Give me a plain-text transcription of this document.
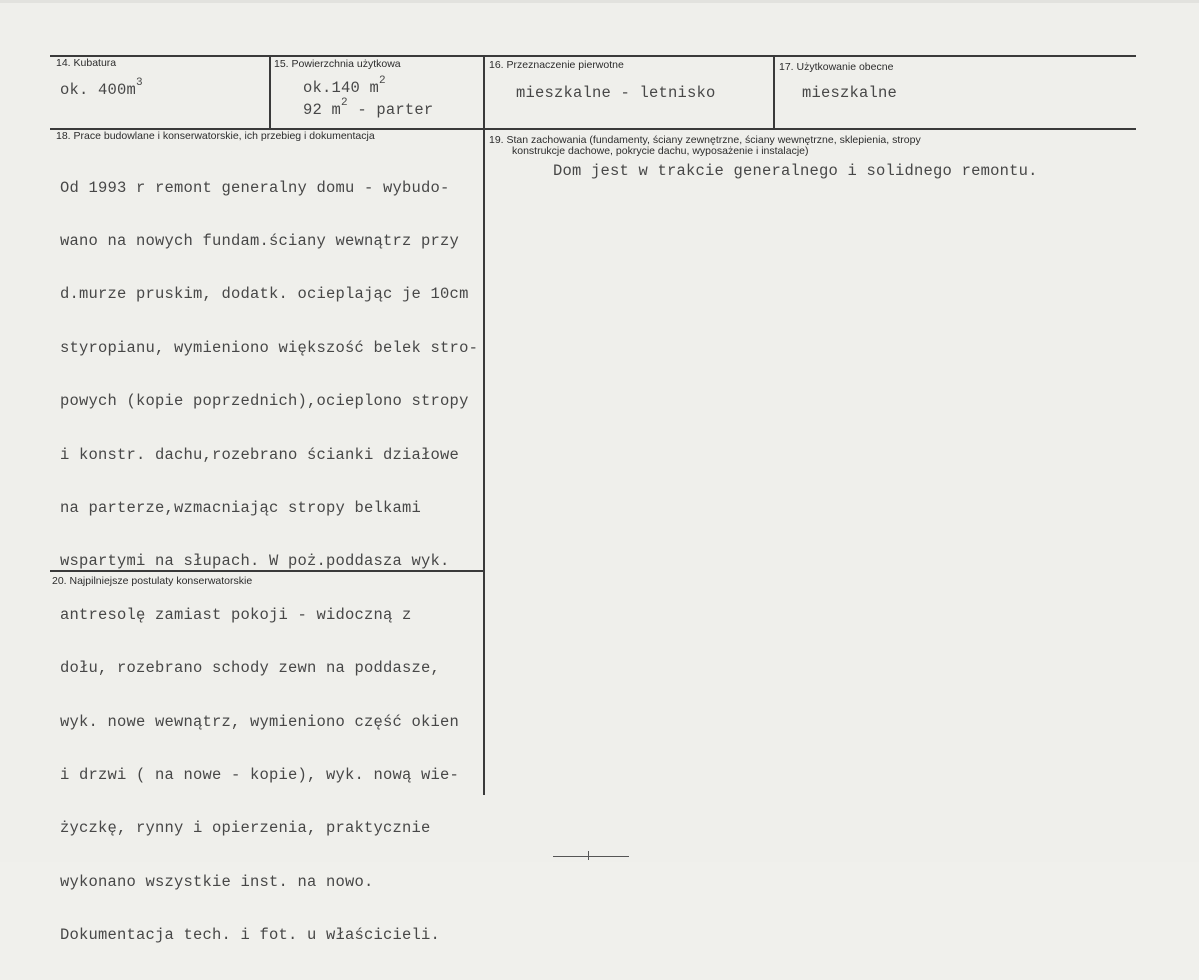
14. Kubatura
ok. $400m^3$
15. Powierzchnia użytkowa
ok.140 $m^2$
92 $m^2$ - parter
16. Przeznaczenie pierwotne
mieszkalne - letnisko
17. Użytkowanie obecne
mieszkalne
18. Prace budowlane i konserwatorskie, ich przebieg i dokumentacja

Od 1993 r remont generalny domu - wybudo-

wano na nowych fundam.ściany wewnątrz przy

d.murze pruskim, dodatk. ocieplając je 10cm

styropianu, wymieniono większość belek stro-

powych (kopie poprzednich),ocieplono stropy

i konstr. dachu,rozebrano ścianki działowe

na parterze,wzmacniając stropy belkami

wspartymi na słupach. W poż.poddasza wyk.

antresolę zamiast pokoji - widoczną z

dołu, rozebrano schody zewn na poddasze,

wyk. nowe wewnątrz, wymieniono część okien

i drzwi ( na nowe - kopie), wyk. nową wie-

życzkę, rynny i opierzenia, praktycznie

wykonano wszystkie inst. na nowo.

Dokumentacja tech. i fot. u właścicieli.

19. Stan zachowania (fundamenty, ściany zewnętrzne, ściany wewnętrzne, sklepienia, stropy
konstrukcje dachowe, pokrycie dachu, wyposażenie i instalacje)
Dom jest w trakcie generalnego i solidnego remontu.
20. Najpilniejsze postulaty konserwatorskie
